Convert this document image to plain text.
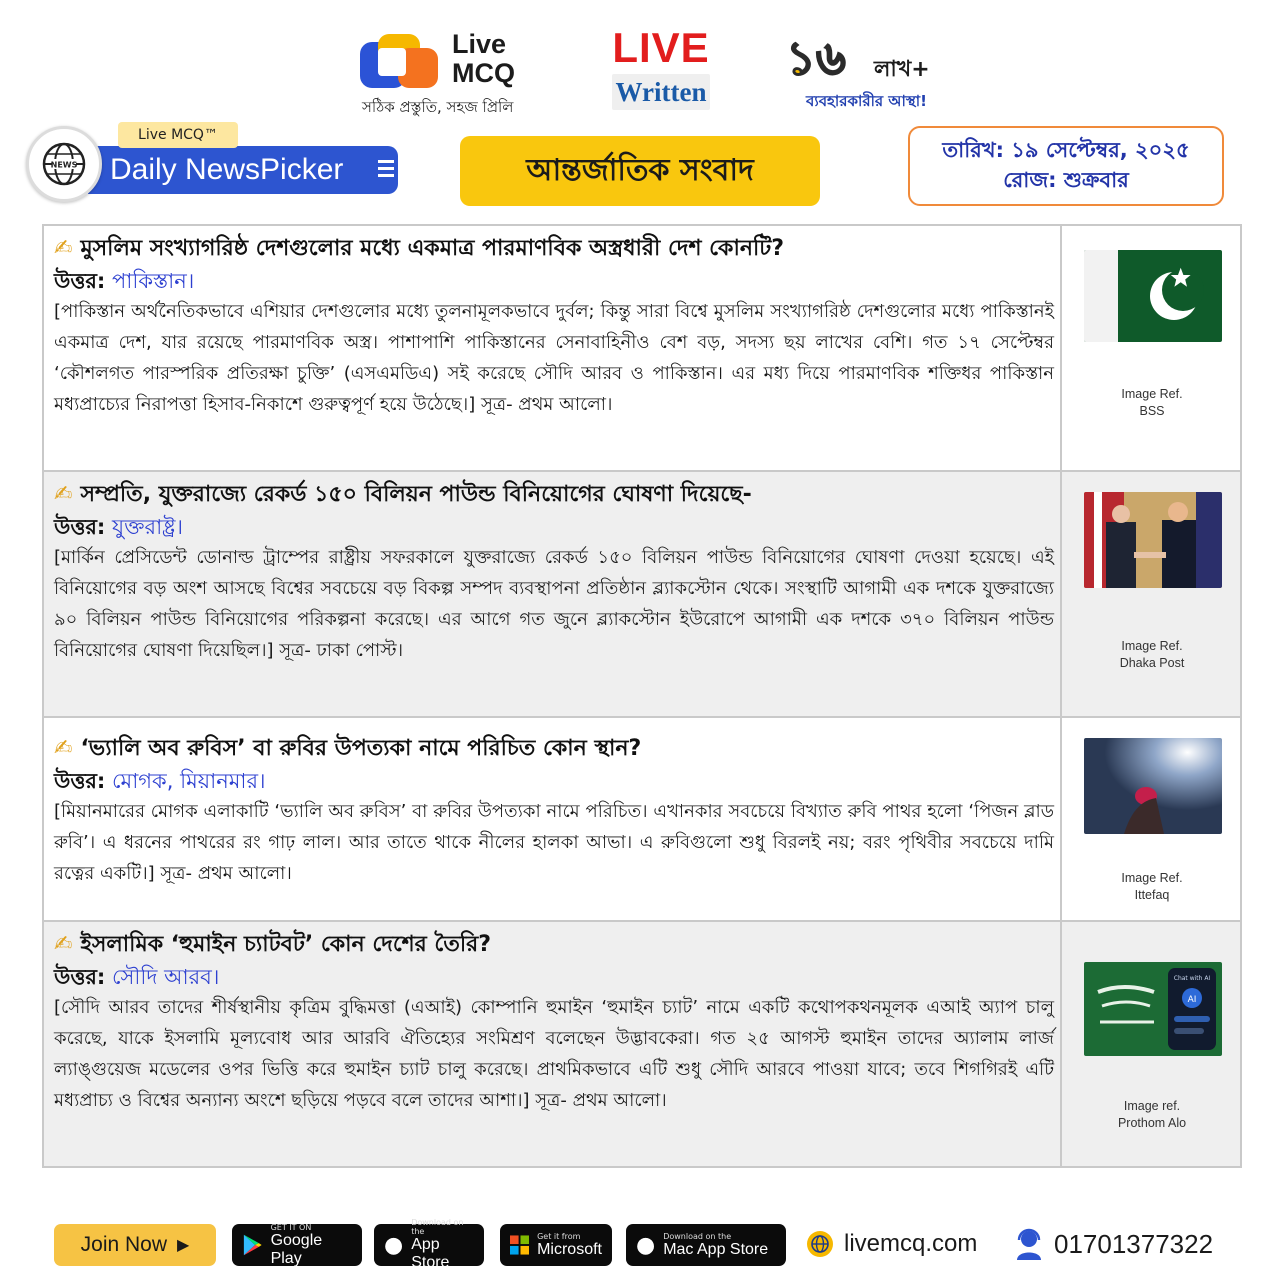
Live
MCQ
সঠিক প্রস্তুতি, সহজ প্রিলি
LIVE
Written
১৬ লাখ+
ব্যবহারকারীর আস্থা!
NEWS
Live MCQ™
Daily NewsPicker	আন্তর্জাতিক সংবাদ
তারিখ: ১৯ সেপ্টেম্বর, ২০২৫
রোজ: শুক্রবার
✍ মুসলিম সংখ্যাগরিষ্ঠ দেশগুলোর মধ্যে একমাত্র পারমাণবিক অস্ত্রধারী দেশ কোনটি?
উত্তর: পাকিস্তান।
[পাকিস্তান অর্থনৈতিকভাবে এশিয়ার দেশগুলোর মধ্যে তুলনামূলকভাবে দুর্বল; কিন্তু সারা বিশ্বে মুসলিম সংখ্যাগরিষ্ঠ দেশগুলোর মধ্যে পাকিস্তানই একমাত্র দেশ, যার রয়েছে পারমাণবিক অস্ত্র। পাশাপাশি পাকিস্তানের সেনাবাহিনীও বেশ বড়, সদস্য ছয় লাখের বেশি। গত ১৭ সেপ্টেম্বর ‘কৌশলগত পারস্পরিক প্রতিরক্ষা চুক্তি’ (এসএমডিএ) সই করেছে সৌদি আরব ও পাকিস্তান। এর মধ্য দিয়ে পারমাণবিক শক্তিধর পাকিস্তান মধ্যপ্রাচ্যের নিরাপত্তা হিসাব-নিকাশে গুরুত্বপূর্ণ হয়ে উঠেছে।] সূত্র- প্রথম আলো।	Image Ref.
BSS
✍ সম্প্রতি, যুক্তরাজ্যে রেকর্ড ১৫০ বিলিয়ন পাউন্ড বিনিয়োগের ঘোষণা দিয়েছে-
উত্তর: যুক্তরাষ্ট্র।
[মার্কিন প্রেসিডেন্ট ডোনাল্ড ট্রাম্পের রাষ্ট্রীয় সফরকালে যুক্তরাজ্যে রেকর্ড ১৫০ বিলিয়ন পাউন্ড বিনিয়োগের ঘোষণা দেওয়া হয়েছে। এই বিনিয়োগের বড় অংশ আসছে বিশ্বের সবচেয়ে বড় বিকল্প সম্পদ ব্যবস্থাপনা প্রতিষ্ঠান ব্ল্যাকস্টোন থেকে। সংস্থাটি আগামী এক দশকে যুক্তরাজ্যে ৯০ বিলিয়ন পাউন্ড বিনিয়োগের পরিকল্পনা করেছে। এর আগে গত জুনে ব্ল্যাকস্টোন ইউরোপে আগামী এক দশকে ৩৭০ বিলিয়ন পাউন্ড বিনিয়োগের ঘোষণা দিয়েছিল।] সূত্র- ঢাকা পোস্ট।	Image Ref.
Dhaka Post
✍ ‘ভ্যালি অব রুবিস’ বা রুবির উপত্যকা নামে পরিচিত কোন স্থান?
উত্তর: মোগক, মিয়ানমার।
[মিয়ানমারের মোগক এলাকাটি ‘ভ্যালি অব রুবিস’ বা রুবির উপত্যকা নামে পরিচিত। এখানকার সবচেয়ে বিখ্যাত রুবি পাথর হলো ‘পিজন ব্লাড রুবি’। এ ধরনের পাথরের রং গাঢ় লাল। আর তাতে থাকে নীলের হালকা আভা। এ রুবিগুলো শুধু বিরলই নয়; বরং পৃথিবীর সবচেয়ে দামি রত্নের একটি।] সূত্র- প্রথম আলো।	Image Ref.
Ittefaq
✍ ইসলামিক ‘হুমাইন চ্যাটবট’ কোন দেশের তৈরি?
উত্তর: সৌদি আরব।
[সৌদি আরব তাদের শীর্ষস্থানীয় কৃত্রিম বুদ্ধিমত্তা (এআই) কোম্পানি হুমাইন ‘হুমাইন চ্যাট’ নামে একটি কথোপকথনমূলক এআই অ্যাপ চালু করেছে, যাকে ইসলামি মূল্যবোধ আর আরবি ঐতিহ্যের সংমিশ্রণ বলেছেন উদ্ভাবকেরা। গত ২৫ আগস্ট হুমাইন তাদের অ্যালাম লার্জ ল্যাঙ্গুয়েজ মডেলের ওপর ভিত্তি করে হুমাইন চ্যাট চালু করেছে। প্রাথমিকভাবে এটি শুধু সৌদি আরবে পাওয়া যাবে; তবে শিগগিরই এটি মধ্যপ্রাচ্য ও বিশ্বের অন্যান্য অংশে ছড়িয়ে পড়বে বলে তাদের আশা।] সূত্র- প্রথম আলো।
Chat with AI
AI
Image ref.
Prothom Alo
Join Now ▶
GET IT ON
Google Play
●
Download on the
App Store
Get it from
Microsoft ● Download on the
Mac App Store	livemcq.com	01701377322
